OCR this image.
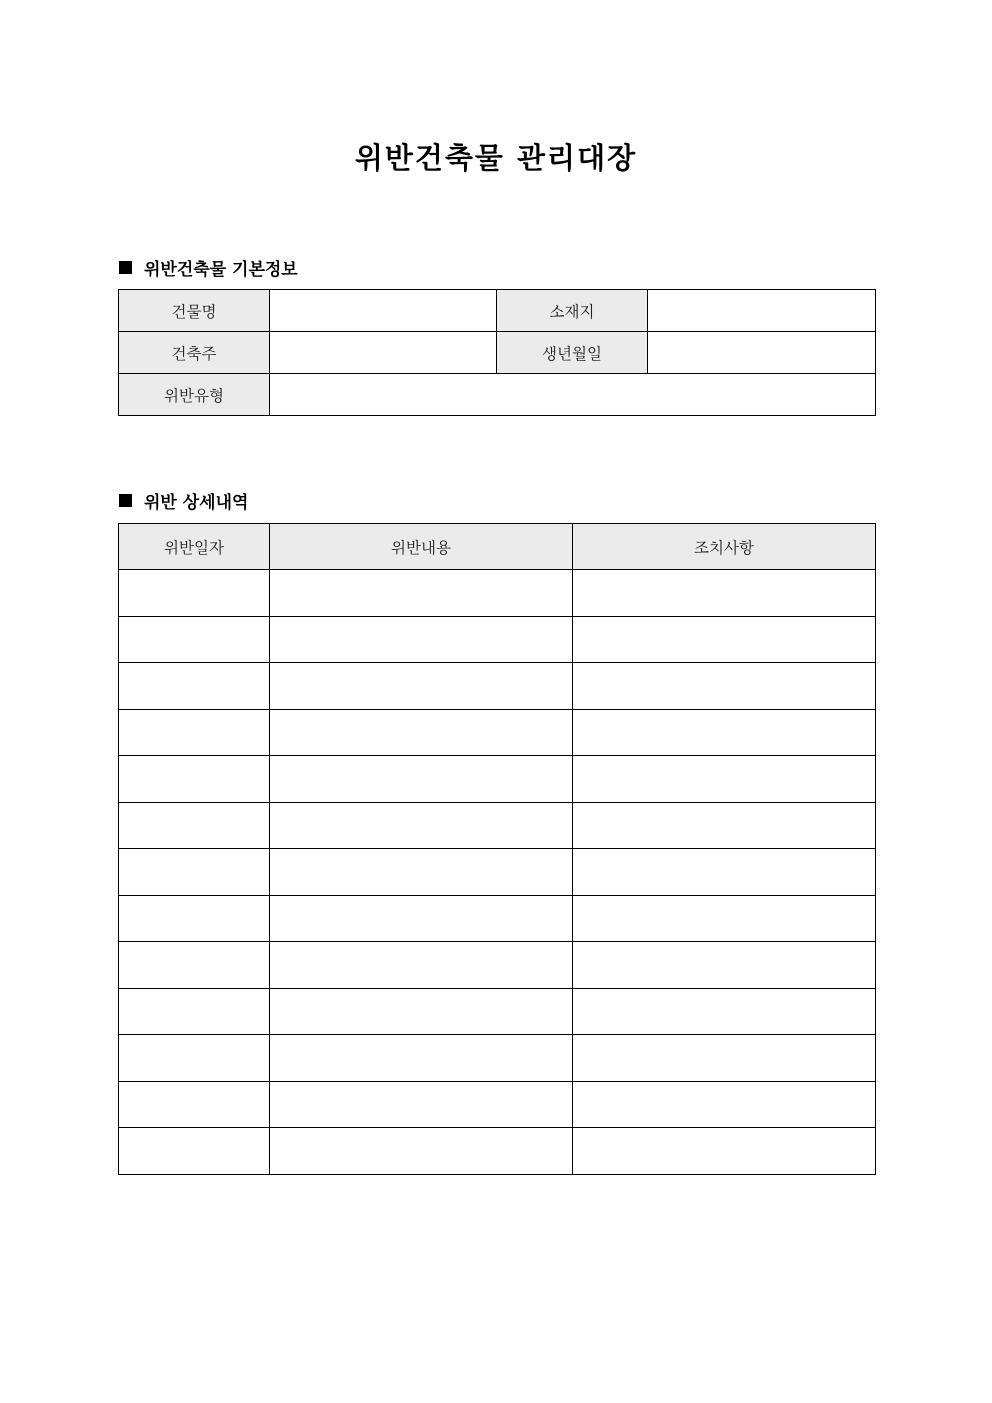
위반건축물 관리대장
위반건축물 기본정보
건물명		소재지	
건축주		생년월일	
위반유형			
위반 상세내역
위반일자	위반내용	조치사항
